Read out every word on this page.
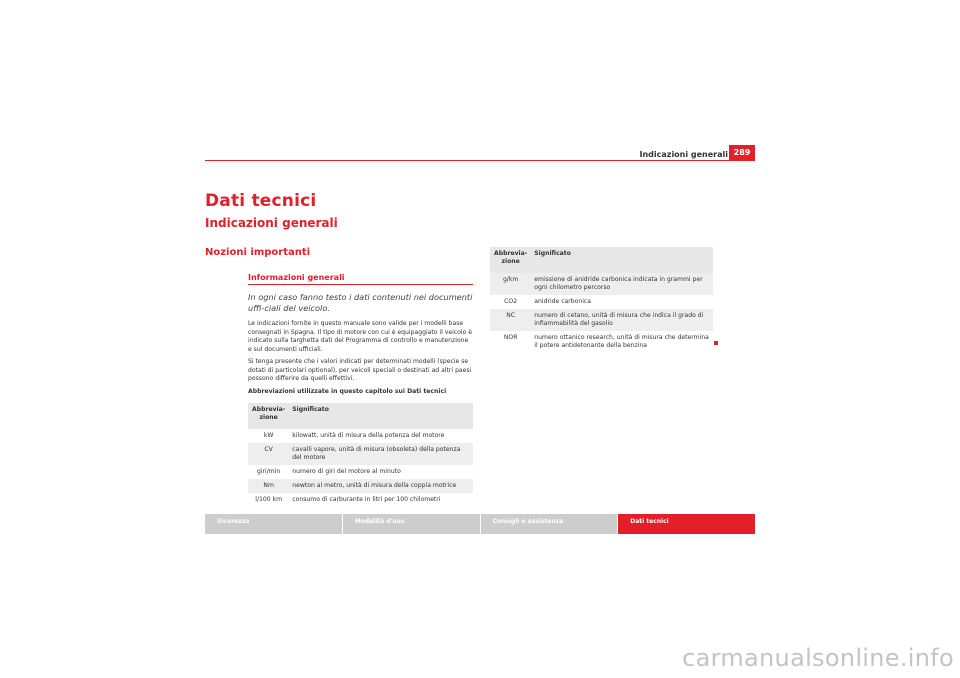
Indicazioni generali 289
Dati tecnici
Indicazioni generali
Nozioni importanti
Informazioni generali

In ogni caso fanno testo i dati contenuti nei documenti uffi-ciali del veicolo.

Le indicazioni fornite in questo manuale sono valide per i modelli base consegnati in Spagna. Il tipo di motore con cui è equipaggiato il veicolo è indicato sulla targhetta dati del Programma di controllo e manutenzione e sul documenti ufficiali.

Si tenga presente che i valori indicati per determinati modelli (specie se dotati di particolari optional), per veicoli speciali o destinati ad altri paesi possono differire da quelli effettivi.

Abbreviazioni utilizzate in questo capitolo sui Dati tecnici

Abbrevia-zione	Significato
kW	kilowatt, unità di misura della potenza del motore
CV	cavalli vapore, unità di misura (obsoleta) della potenza del motore
giri/min	numero di giri del motore al minuto
Nm	newton al metro, unità di misura della coppia motrice
l/100 km	consumo di carburante in litri per 100 chilometri
Abbrevia-zione	Significato
g/km	emissione di anidride carbonica indicata in grammi per ogni chilometro percorso
CO2	anidride carbonica
NC	numero di cetano, unità di misura che indica il grado di infiammabilità del gasolio
NOR	numero ottanico research, unità di misura che determina il potere antidetonante della benzina
Sicurezza	Modalità d'uso	Consigli e assistenza	Dati tecnici
carmanualsonline.info
